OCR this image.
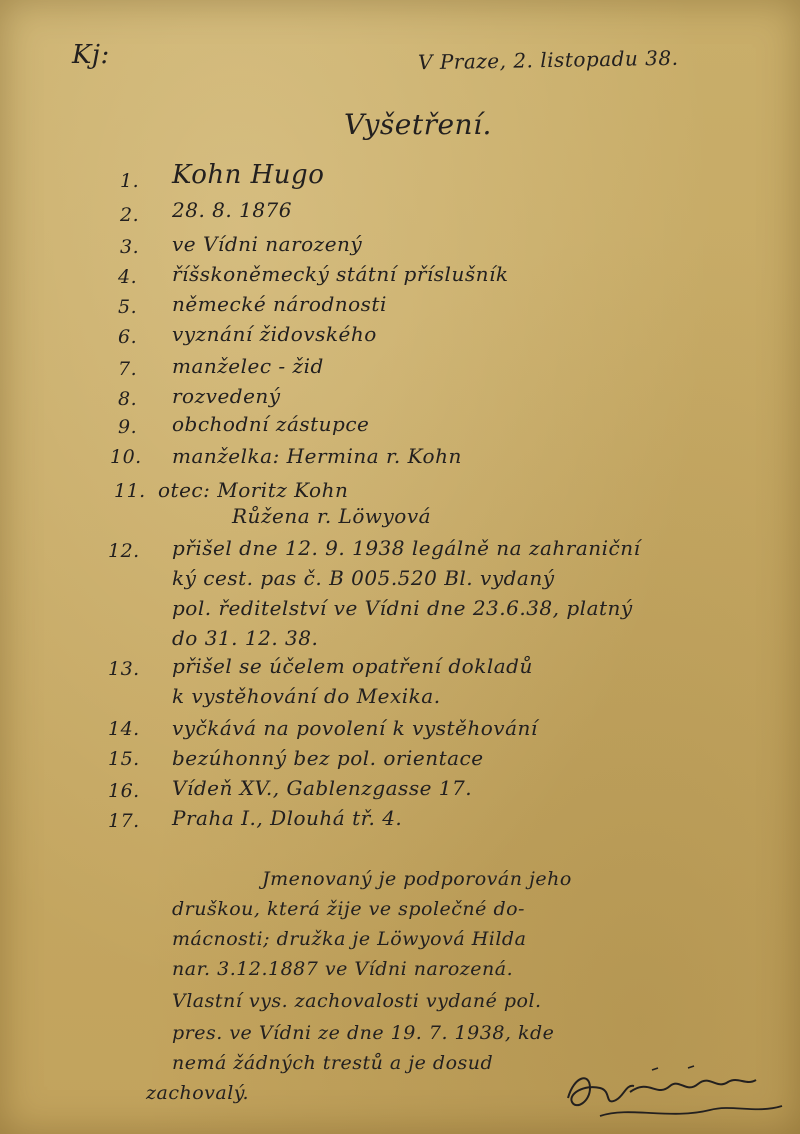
Kj:	V Praze, 2. listopadu 38.
Vyšetření.
1. Kohn Hugo
2. 28. 8. 1876
3. ve Vídni narozený
4. říšskoněmecký státní příslušník
5. německé národnosti
6. vyznání židovského
7. manželec - žid
8. rozvedený
9. obchodní zástupce
10. manželka: Hermina r. Kohn
11. otec: Moritz Kohn
Růžena r. Löwyová
12. přišel dne 12. 9. 1938 legálně na zahraniční
ký cest. pas č. B 005.520 Bl. vydaný
pol. ředitelství ve Vídni dne 23.6.38, platný
do 31. 12. 38.
13. přišel se účelem opatření dokladů
k vystěhování do Mexika.
14. vyčkává na povolení k vystěhování
15. bezúhonný bez pol. orientace
16. Vídeň XV., Gablenzgasse 17.
17. Praha I., Dlouhá tř. 4.
Jmenovaný je podporován jeho
druškou, která žije ve společné do-
mácnosti; družka je Löwyová Hilda
nar. 3.12.1887 ve Vídni narozená.
Vlastní vys. zachovalosti vydané pol.
pres. ve Vídni ze dne 19. 7. 1938, kde
nemá žádných trestů a je dosud
zachovalý.
